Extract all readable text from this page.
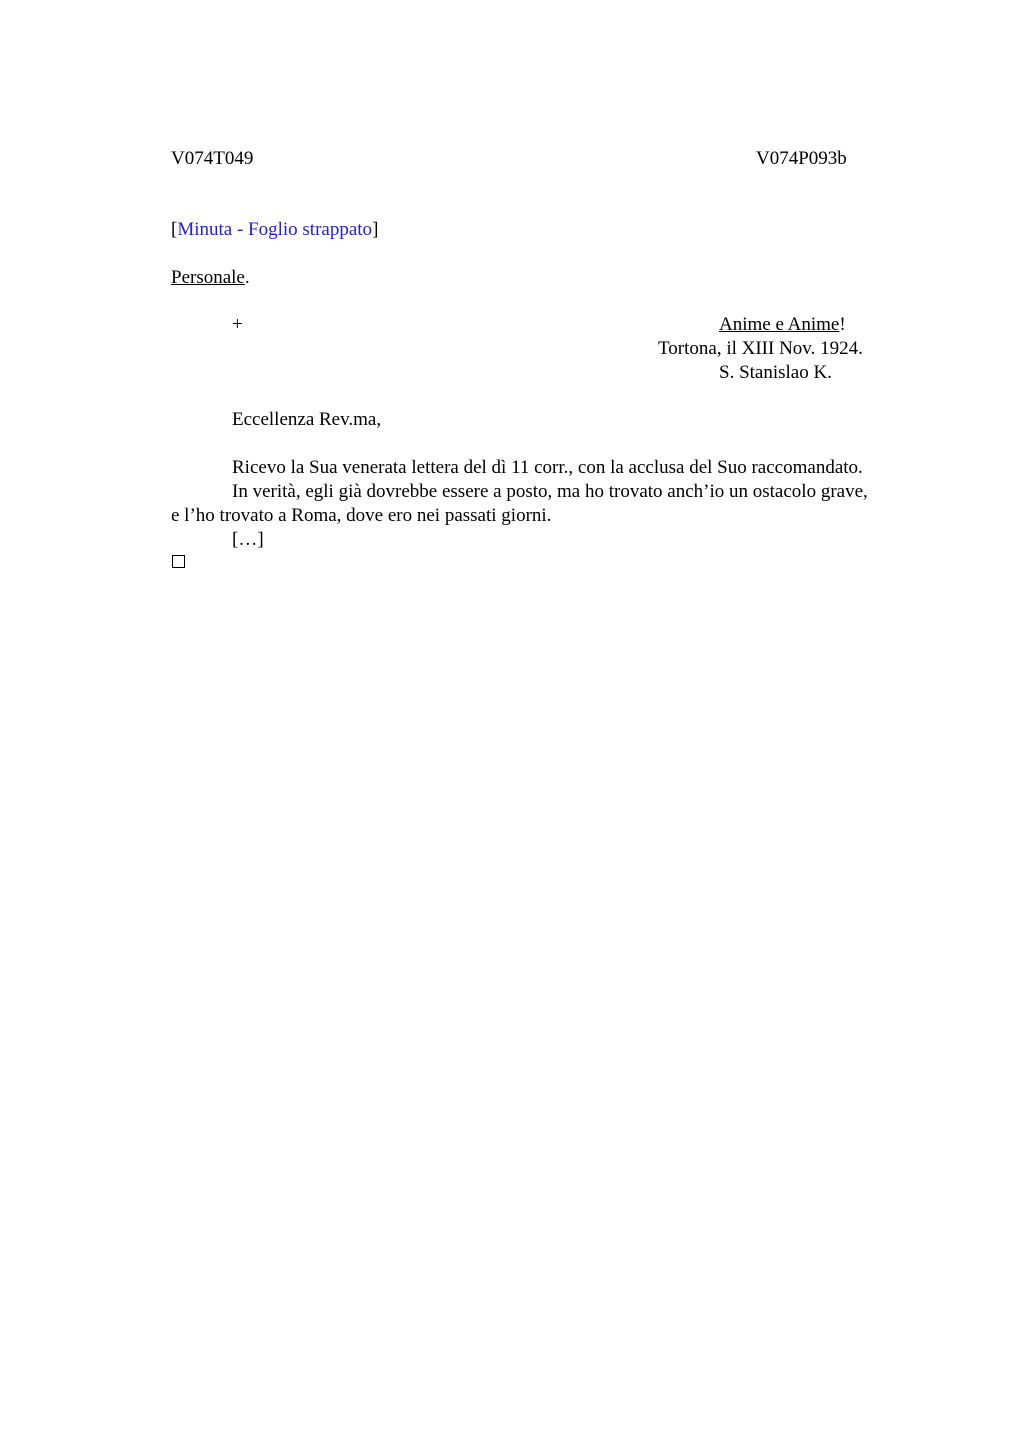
V074T049	V074P093b
[Minuta - Foglio strappato]
Personale.
+	Anime e Anime!
Tortona, il XIII Nov. 1924.
S. Stanislao K.
Eccellenza Rev.ma,
Ricevo la Sua venerata lettera del dì 11 corr., con la acclusa del Suo raccomandato.
In verità, egli già dovrebbe essere a posto, ma ho trovato anch’io un ostacolo grave,
e l’ho trovato a Roma, dove ero nei passati giorni.
[…]
